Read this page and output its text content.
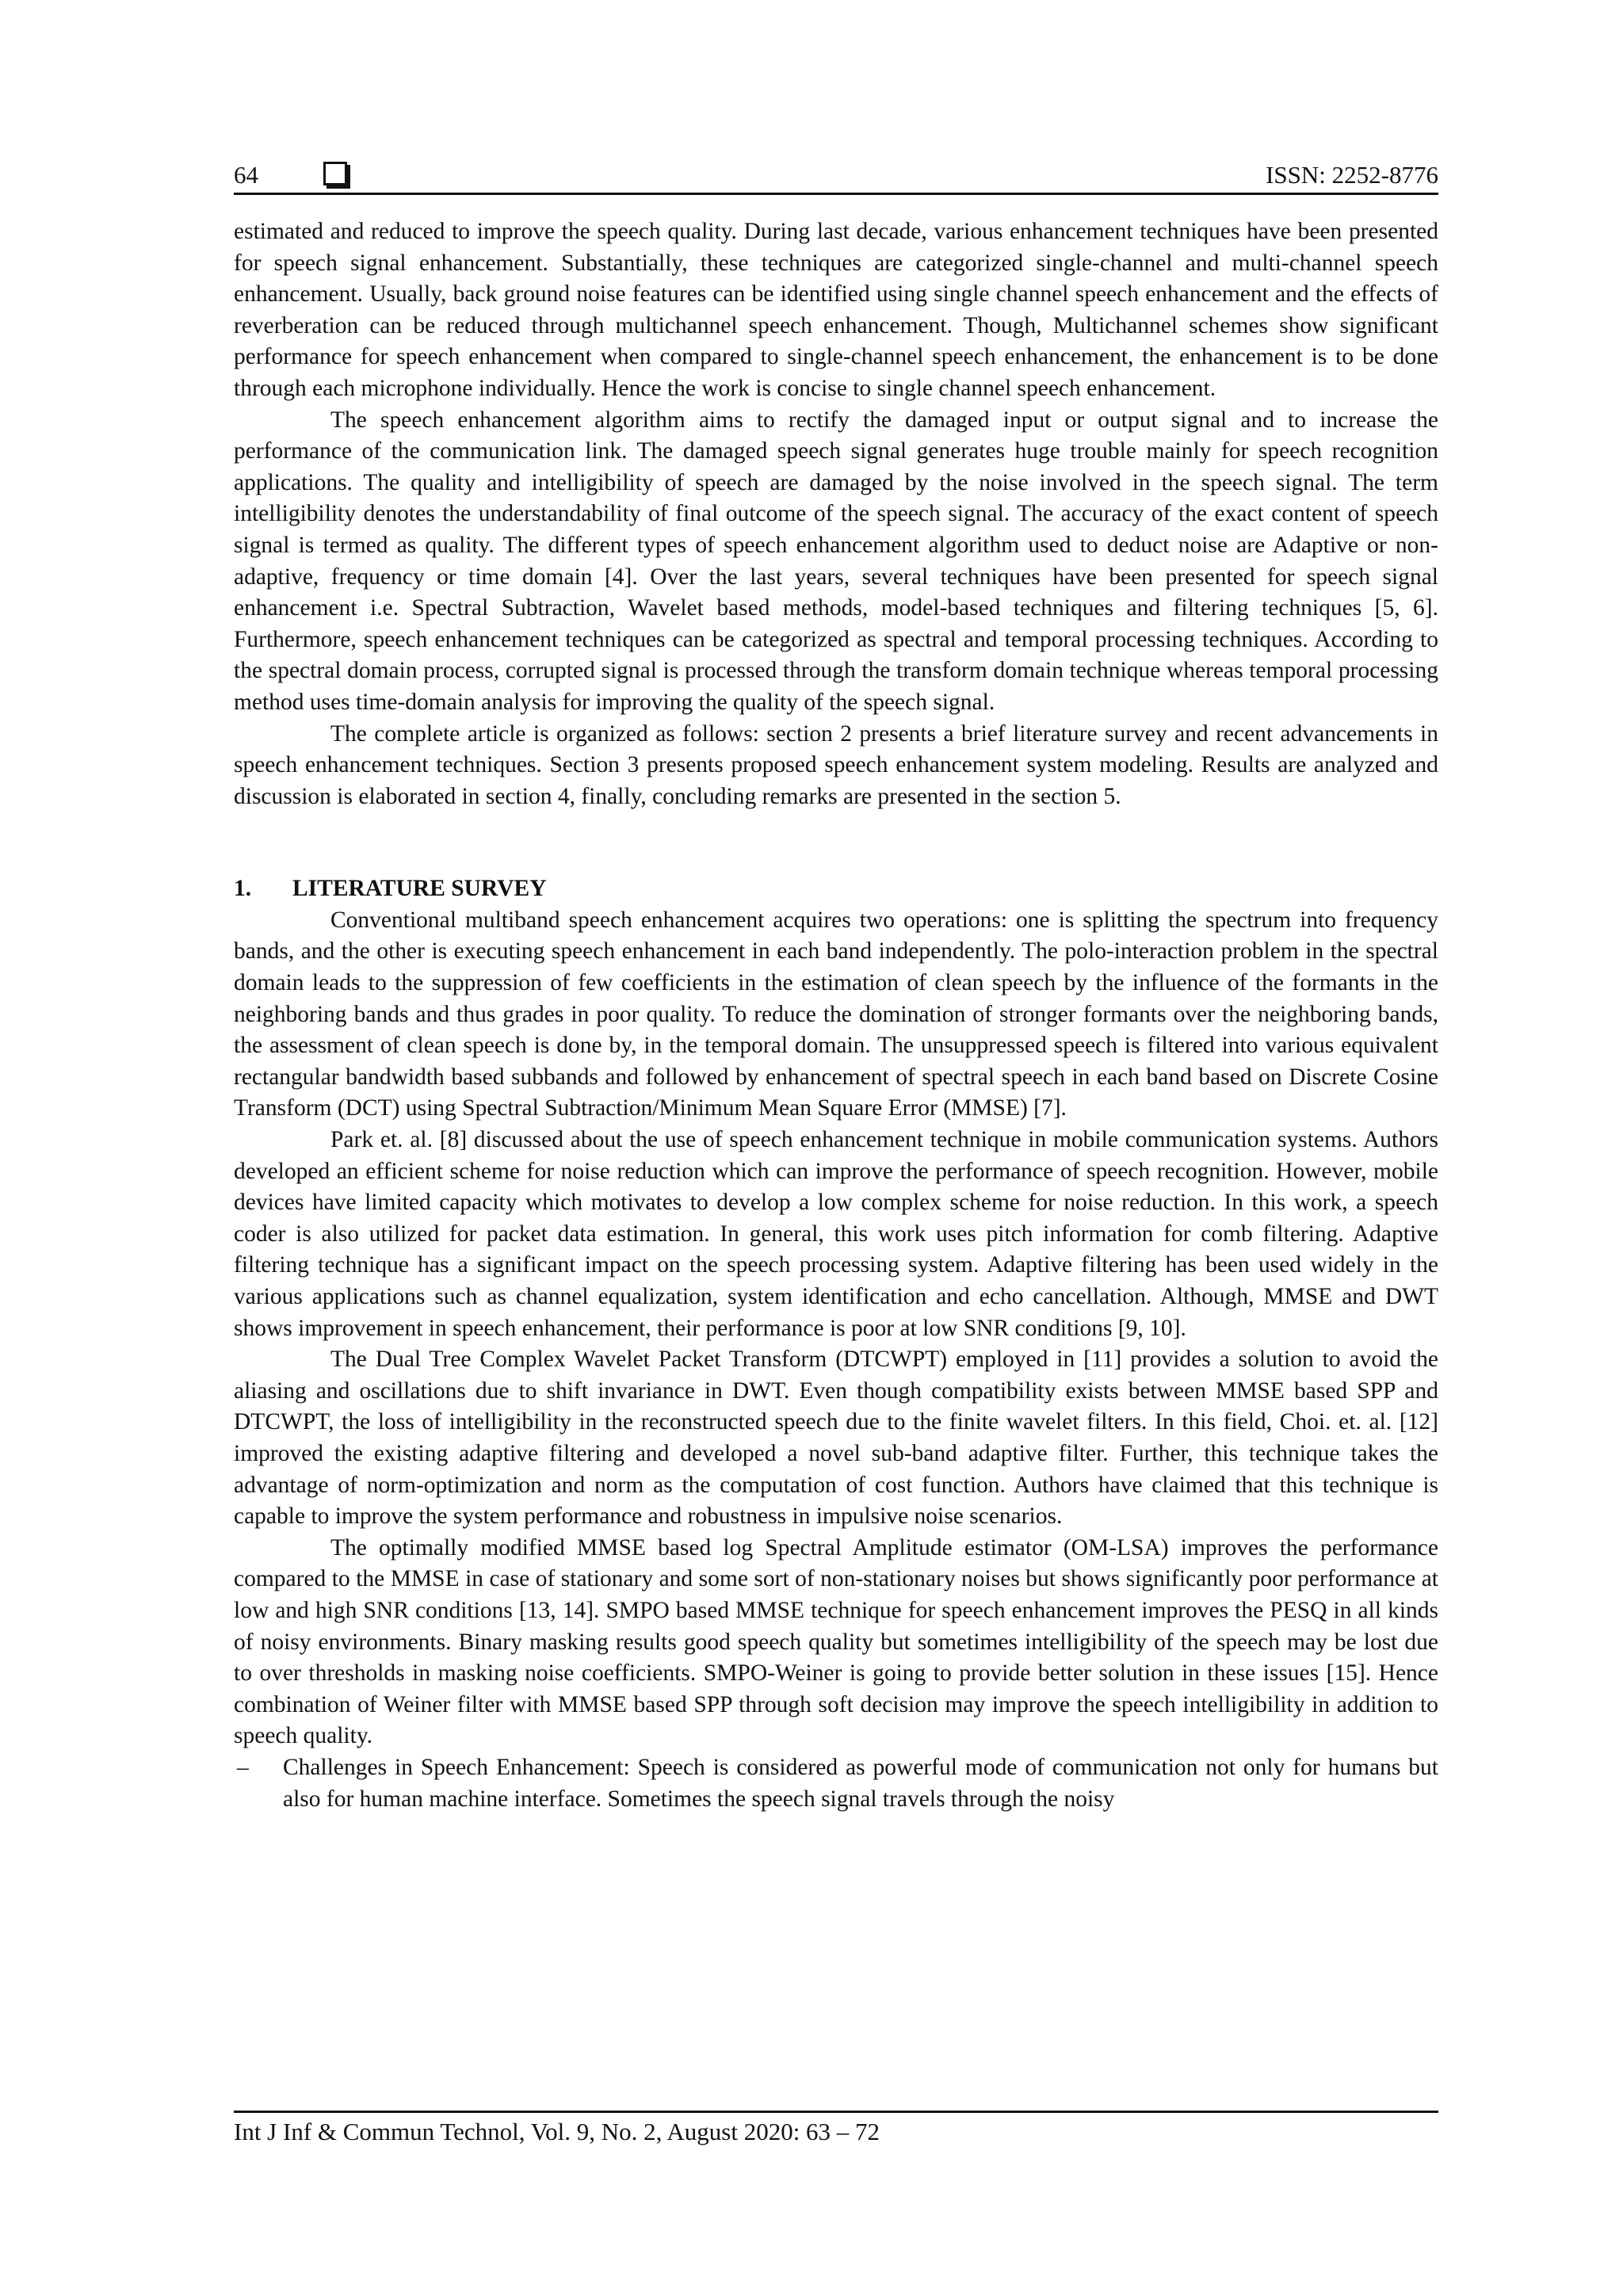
64	ISSN: 2252-8776

estimated and reduced to improve the speech quality. During last decade, various enhancement techniques have been presented for speech signal enhancement. Substantially, these techniques are categorized single-channel and multi-channel speech enhancement. Usually, back ground noise features can be identified using single channel speech enhancement and the effects of reverberation can be reduced through multichannel speech enhancement. Though, Multichannel schemes show significant performance for speech enhancement when compared to single-channel speech enhancement, the enhancement is to be done through each microphone individually. Hence the work is concise to single channel speech enhancement.

The speech enhancement algorithm aims to rectify the damaged input or output signal and to increase the performance of the communication link. The damaged speech signal generates huge trouble mainly for speech recognition applications. The quality and intelligibility of speech are damaged by the noise involved in the speech signal. The term intelligibility denotes the understandability of final outcome of the speech signal. The accuracy of the exact content of speech signal is termed as quality. The different types of speech enhancement algorithm used to deduct noise are Adaptive or non-adaptive, frequency or time domain [4]. Over the last years, several techniques have been presented for speech signal enhancement i.e. Spectral Subtraction, Wavelet based methods, model-based techniques and filtering techniques [5, 6]. Furthermore, speech enhancement techniques can be categorized as spectral and temporal processing techniques. According to the spectral domain process, corrupted signal is processed through the transform domain technique whereas temporal processing method uses time-domain analysis for improving the quality of the speech signal.

The complete article is organized as follows: section 2 presents a brief literature survey and recent advancements in speech enhancement techniques. Section 3 presents proposed speech enhancement system modeling. Results are analyzed and discussion is elaborated in section 4, finally, concluding remarks are presented in the section 5.

1. LITERATURE SURVEY

Conventional multiband speech enhancement acquires two operations: one is splitting the spectrum into frequency bands, and the other is executing speech enhancement in each band independently. The polo-interaction problem in the spectral domain leads to the suppression of few coefficients in the estimation of clean speech by the influence of the formants in the neighboring bands and thus grades in poor quality. To reduce the domination of stronger formants over the neighboring bands, the assessment of clean speech is done by, in the temporal domain. The unsuppressed speech is filtered into various equivalent rectangular bandwidth based subbands and followed by enhancement of spectral speech in each band based on Discrete Cosine Transform (DCT) using Spectral Subtraction/Minimum Mean Square Error (MMSE) [7].

Park et. al. [8] discussed about the use of speech enhancement technique in mobile communication systems. Authors developed an efficient scheme for noise reduction which can improve the performance of speech recognition. However, mobile devices have limited capacity which motivates to develop a low complex scheme for noise reduction. In this work, a speech coder is also utilized for packet data estimation. In general, this work uses pitch information for comb filtering. Adaptive filtering technique has a significant impact on the speech processing system. Adaptive filtering has been used widely in the various applications such as channel equalization, system identification and echo cancellation. Although, MMSE and DWT shows improvement in speech enhancement, their performance is poor at low SNR conditions [9, 10].

The Dual Tree Complex Wavelet Packet Transform (DTCWPT) employed in [11] provides a solution to avoid the aliasing and oscillations due to shift invariance in DWT. Even though compatibility exists between MMSE based SPP and DTCWPT, the loss of intelligibility in the reconstructed speech due to the finite wavelet filters. In this field, Choi. et. al. [12] improved the existing adaptive filtering and developed a novel sub-band adaptive filter. Further, this technique takes the advantage of norm-optimization and norm as the computation of cost function. Authors have claimed that this technique is capable to improve the system performance and robustness in impulsive noise scenarios.

The optimally modified MMSE based log Spectral Amplitude estimator (OM-LSA) improves the performance compared to the MMSE in case of stationary and some sort of non-stationary noises but shows significantly poor performance at low and high SNR conditions [13, 14]. SMPO based MMSE technique for speech enhancement improves the PESQ in all kinds of noisy environments. Binary masking results good speech quality but sometimes intelligibility of the speech may be lost due to over thresholds in masking noise coefficients. SMPO-Weiner is going to provide better solution in these issues [15]. Hence combination of Weiner filter with MMSE based SPP through soft decision may improve the speech intelligibility in addition to speech quality.

– Challenges in Speech Enhancement: Speech is considered as powerful mode of communication not only for humans but also for human machine interface. Sometimes the speech signal travels through the noisy

Int J Inf & Commun Technol, Vol. 9, No. 2, August 2020: 63 – 72
